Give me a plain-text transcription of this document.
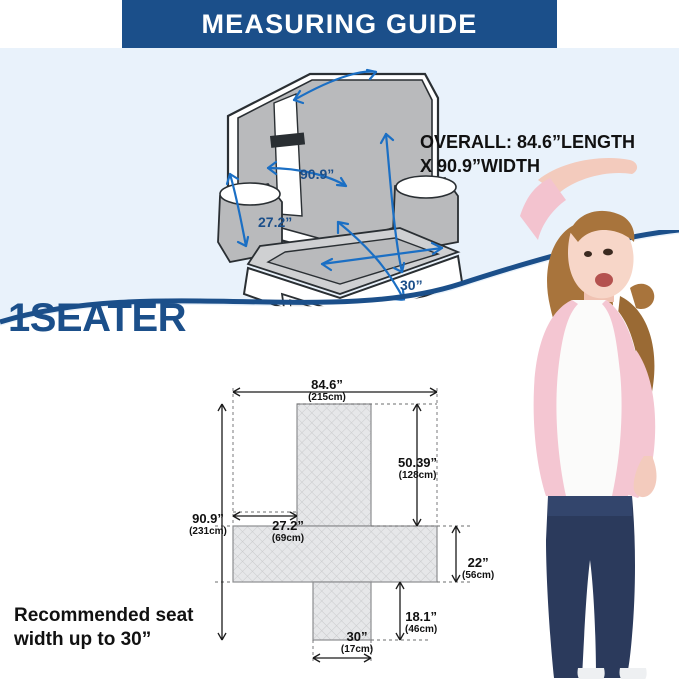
MEASURING GUIDE
90.9”
27.2”
30”
OVERALL: 84.6”LENGTH
X 90.9”WIDTH
1SEATER
84.6”
(215cm)
50.39”
(128cm)
90.9”
(231cm)	27.2”
(69cm)
22”
(56cm)
18.1”
(46cm)
30”
(17cm)
Recommended seat
width up to 30”
